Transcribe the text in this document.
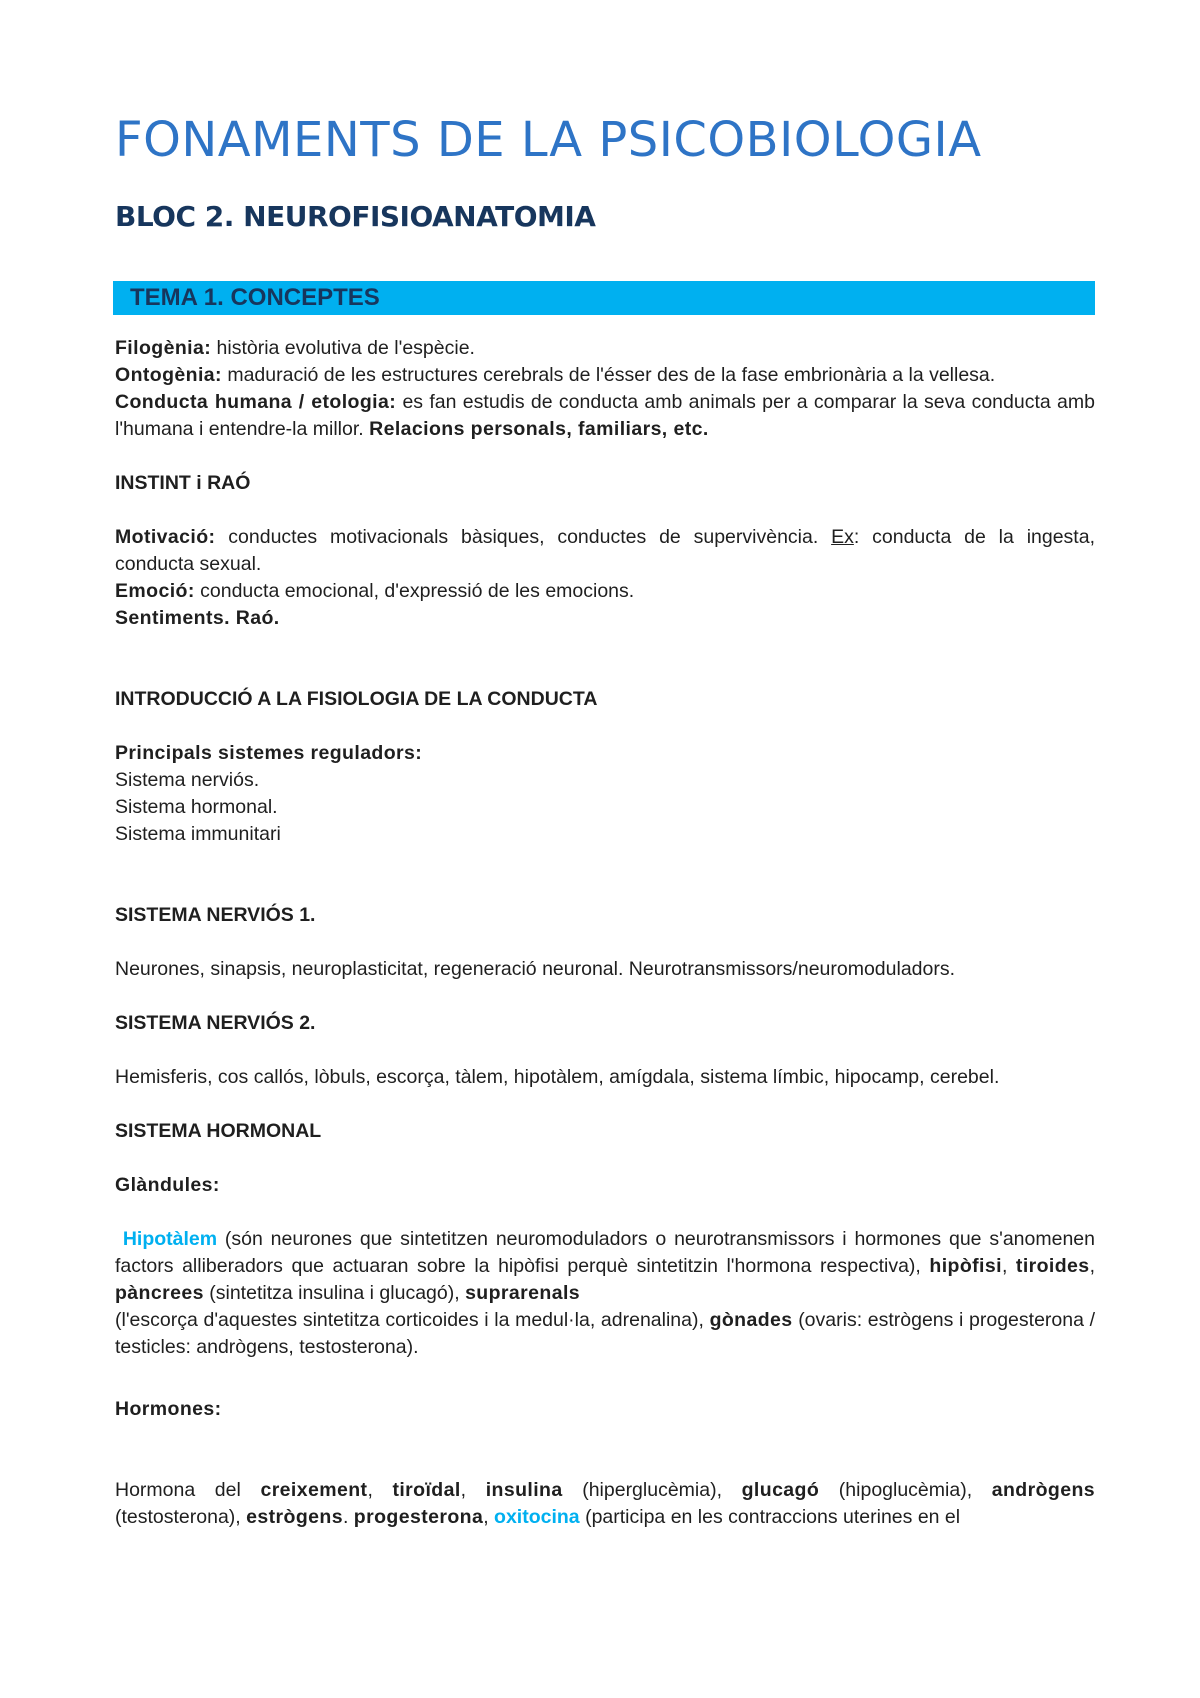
FONAMENTS DE LA PSICOBIOLOGIA
BLOC 2. NEUROFISIOANATOMIA
TEMA 1. CONCEPTES

Filogènia: història evolutiva de l'espècie.

Ontogènia: maduració de les estructures cerebrals de l'ésser des de la fase embrionària a la vellesa.

Conducta humana / etologia: es fan estudis de conducta amb animals per a comparar la seva conducta amb l'humana i entendre-la millor. Relacions personals, familiars, etc.

INSTINT i RAÓ

Motivació: conductes motivacionals bàsiques, conductes de supervivència. Ex: conducta de la ingesta, conducta sexual.

Emoció: conducta emocional, d'expressió de les emocions.

Sentiments. Raó.

INTRODUCCIÓ A LA FISIOLOGIA DE LA CONDUCTA

Principals sistemes reguladors:

Sistema nerviós.

Sistema hormonal.

Sistema immunitari

SISTEMA NERVIÓS 1.

Neurones, sinapsis, neuroplasticitat, regeneració neuronal. Neurotransmissors/neuromoduladors.

SISTEMA NERVIÓS 2.

Hemisferis, cos callós, lòbuls, escorça, tàlem, hipotàlem, amígdala, sistema límbic, hipocamp, cerebel.

SISTEMA HORMONAL

Glàndules:

Hipotàlem (són neurones que sintetitzen neuromoduladors o neurotransmissors i hormones que s'anomenen factors alliberadors que actuaran sobre la hipòfisi perquè sintetitzin l'hormona respectiva), hipòfisi, tiroides, pàncrees (sintetitza insulina i glucagó), suprarenals

(l'escorça d'aquestes sintetitza corticoides i la medul·la, adrenalina), gònades (ovaris: estrògens i progesterona / testicles: andrògens, testosterona).

Hormones:

Hormona del creixement, tiroïdal, insulina (hiperglucèmia), glucagó (hipoglucèmia), andrògens (testosterona), estrògens. progesterona, oxitocina (participa en les contraccions uterines en el
